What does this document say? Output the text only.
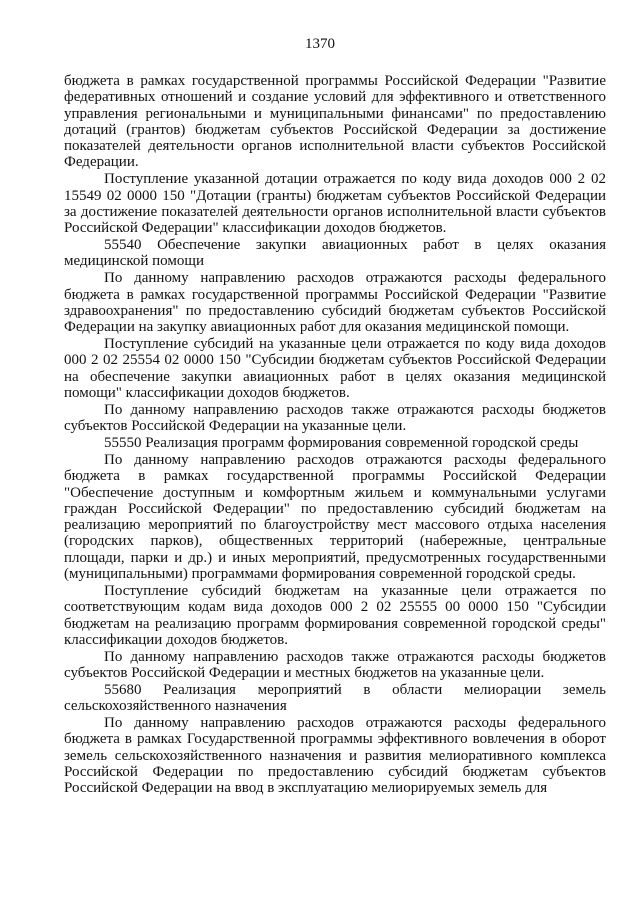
1370

бюджета в рамках государственной программы Российской Федерации "Развитие федеративных отношений и создание условий для эффективного и ответственного управления региональными и муниципальными финансами" по предоставлению дотаций (грантов) бюджетам субъектов Российской Федерации за достижение показателей деятельности органов исполнительной власти субъектов Российской Федерации.

Поступление указанной дотации отражается по коду вида доходов 000 2 02 15549 02 0000 150 "Дотации (гранты) бюджетам субъектов Российской Федерации за достижение показателей деятельности органов исполнительной власти субъектов Российской Федерации" классификации доходов бюджетов.

55540 Обеспечение закупки авиационных работ в целях оказания медицинской помощи

По данному направлению расходов отражаются расходы федерального бюджета в рамках государственной программы Российской Федерации "Развитие здравоохранения" по предоставлению субсидий бюджетам субъектов Российской Федерации на закупку авиационных работ для оказания медицинской помощи.

Поступление субсидий на указанные цели отражается по коду вида доходов 000 2 02 25554 02 0000 150 "Субсидии бюджетам субъектов Российской Федерации на обеспечение закупки авиационных работ в целях оказания медицинской помощи" классификации доходов бюджетов.

По данному направлению расходов также отражаются расходы бюджетов субъектов Российской Федерации на указанные цели.

55550 Реализация программ формирования современной городской среды

По данному направлению расходов отражаются расходы федерального бюджета в рамках государственной программы Российской Федерации "Обеспечение доступным и комфортным жильем и коммунальными услугами граждан Российской Федерации" по предоставлению субсидий бюджетам на реализацию мероприятий по благоустройству мест массового отдыха населения (городских парков), общественных территорий (набережные, центральные площади, парки и др.) и иных мероприятий, предусмотренных государственными (муниципальными) программами формирования современной городской среды.

Поступление субсидий бюджетам на указанные цели отражается по соответствующим кодам вида доходов 000 2 02 25555 00 0000 150 "Субсидии бюджетам на реализацию программ формирования современной городской среды" классификации доходов бюджетов.

По данному направлению расходов также отражаются расходы бюджетов субъектов Российской Федерации и местных бюджетов на указанные цели.

55680 Реализация мероприятий в области мелиорации земель сельскохозяйственного назначения

По данному направлению расходов отражаются расходы федерального бюджета в рамках Государственной программы эффективного вовлечения в оборот земель сельскохозяйственного назначения и развития мелиоративного комплекса Российской Федерации по предоставлению субсидий бюджетам субъектов Российской Федерации на ввод в эксплуатацию мелиорируемых земель для
